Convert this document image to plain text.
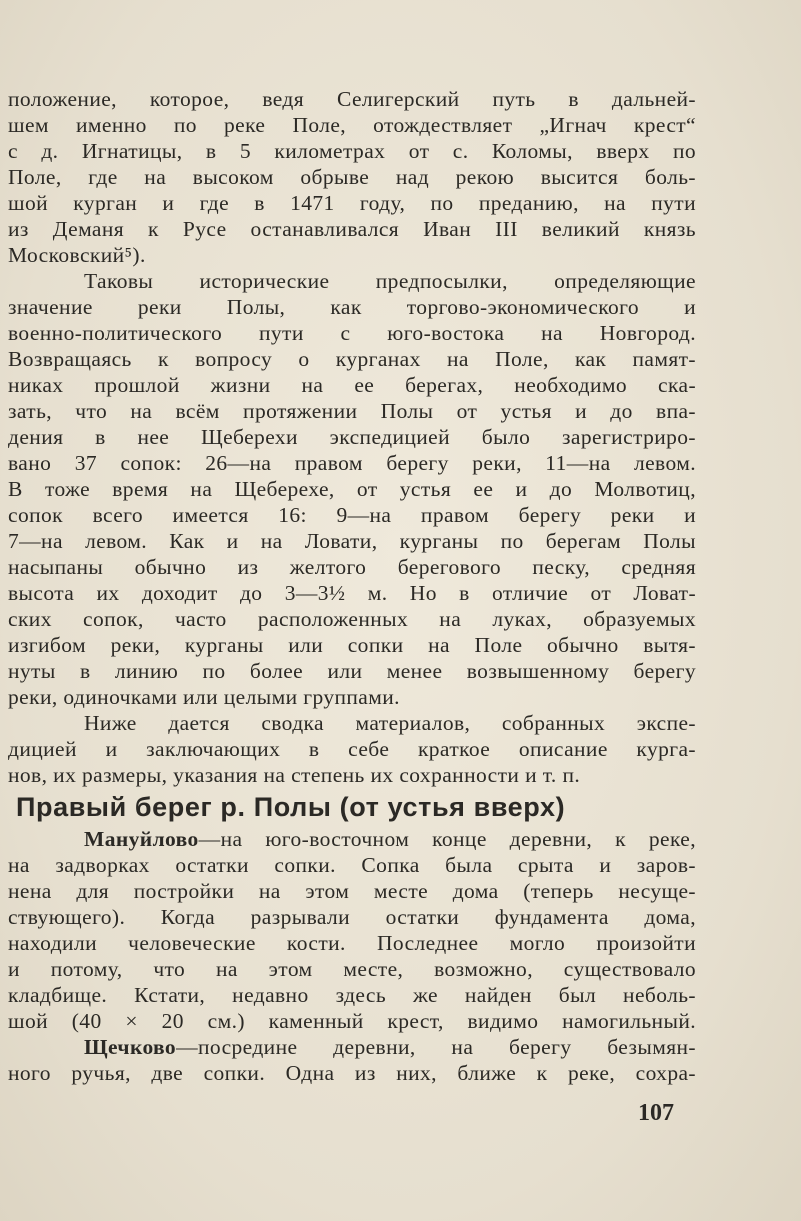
положение, которое, ведя Селигерский путь в дальней-
шем именно по реке Поле, отождествляет „Игнач крест“
с д. Игнатицы, в 5 километрах от с. Коломы, вверх по
Поле, где на высоком обрыве над рекою высится боль-
шой курган и где в 1471 году, по преданию, на пути
из Деманя к Русе останавливался Иван III великий князь
Московский⁵).
Таковы исторические предпосылки, определяющие
значение реки Полы, как торгово-экономического и
военно-политического пути с юго-востока на Новгород.
Возвращаясь к вопросу о курганах на Поле, как памят-
никах прошлой жизни на ее берегах, необходимо ска-
зать, что на всём протяжении Полы от устья и до впа-
дения в нее Щеберехи экспедицией было зарегистриро-
вано 37 сопок: 26—на правом берегу реки, 11—на левом.
В тоже время на Щеберехе, от устья ее и до Молвотиц,
сопок всего имеется 16: 9—на правом берегу реки и
7—на левом. Как и на Ловати, курганы по берегам Полы
насыпаны обычно из желтого берегового песку, средняя
высота их доходит до 3—3½ м. Но в отличие от Ловат-
ских сопок, часто расположенных на луках, образуемых
изгибом реки, курганы или сопки на Поле обычно вытя-
нуты в линию по более или менее возвышенному берегу
реки, одиночками или целыми группами.
Ниже дается сводка материалов, собранных экспе-
дицией и заключающих в себе краткое описание курга-
нов, их размеры, указания на степень их сохранности и т. п.
Правый берег р. Полы (от устья вверх)
Мануйлово—на юго-восточном конце деревни, к реке,
на задворках остатки сопки. Сопка была срыта и заров-
нена для постройки на этом месте дома (теперь несуще-
ствующего). Когда разрывали остатки фундамента дома,
находили человеческие кости. Последнее могло произойти
и потому, что на этом месте, возможно, существовало
кладбище. Кстати, недавно здесь же найден был неболь-
шой (40 × 20 см.) каменный крест, видимо намогильный.
Щечково—посредине деревни, на берегу безымян-
ного ручья, две сопки. Одна из них, ближе к реке, сохра-
107
